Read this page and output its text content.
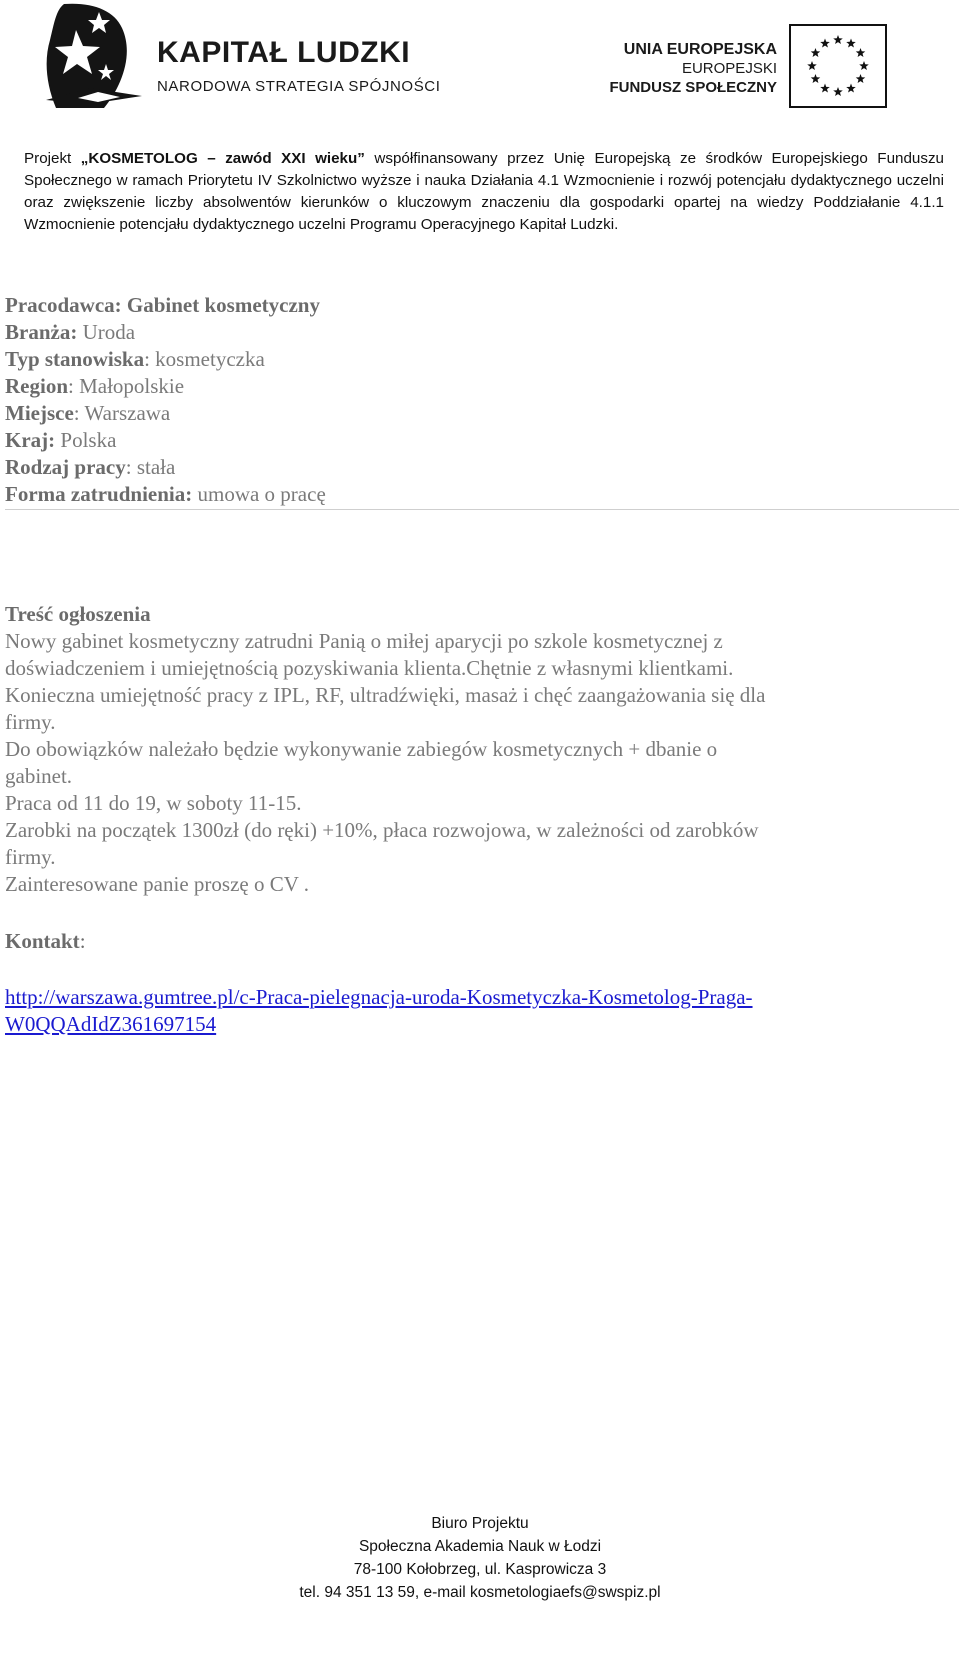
KAPITAŁ LUDZKI
NARODOWA STRATEGIA SPÓJNOŚCI
UNIA EUROPEJSKA
EUROPEJSKI
FUNDUSZ SPOŁECZNY
Projekt „KOSMETOLOG – zawód XXI wieku” współfinansowany przez Unię Europejską ze środków Europejskiego Funduszu Społecznego w ramach Priorytetu IV Szkolnictwo wyższe i nauka Działania 4.1 Wzmocnienie i rozwój potencjału dydaktycznego uczelni oraz zwiększenie liczby absolwentów kierunków o kluczowym znaczeniu dla gospodarki opartej na wiedzy Poddziałanie 4.1.1 Wzmocnienie potencjału dydaktycznego uczelni Programu Operacyjnego Kapitał Ludzki.
Pracodawca: Gabinet kosmetyczny
Branża: Uroda
Typ stanowiska: kosmetyczka
Region: Małopolskie
Miejsce: Warszawa
Kraj: Polska
Rodzaj pracy: stała
Forma zatrudnienia: umowa o pracę
Treść ogłoszenia
Nowy gabinet kosmetyczny zatrudni Panią o miłej aparycji po szkole kosmetycznej z
doświadczeniem i umiejętnością pozyskiwania klienta.Chętnie z własnymi klientkami.
Konieczna umiejętność pracy z IPL, RF, ultradźwięki, masaż i chęć zaangażowania się dla
firmy.
Do obowiązków należało będzie wykonywanie zabiegów kosmetycznych + dbanie o
gabinet.
Praca od 11 do 19, w soboty 11-15.
Zarobki na początek 1300zł (do ręki) +10%, płaca rozwojowa, w zależności od zarobków
firmy.
Zainteresowane panie proszę o CV .
Kontakt:
http://warszawa.gumtree.pl/c-Praca-pielegnacja-uroda-Kosmetyczka-Kosmetolog-Praga-
W0QQAdIdZ361697154
Biuro Projektu
Społeczna Akademia Nauk w Łodzi
78-100 Kołobrzeg, ul. Kasprowicza 3
tel. 94 351 13 59, e-mail kosmetologiaefs@swspiz.pl
